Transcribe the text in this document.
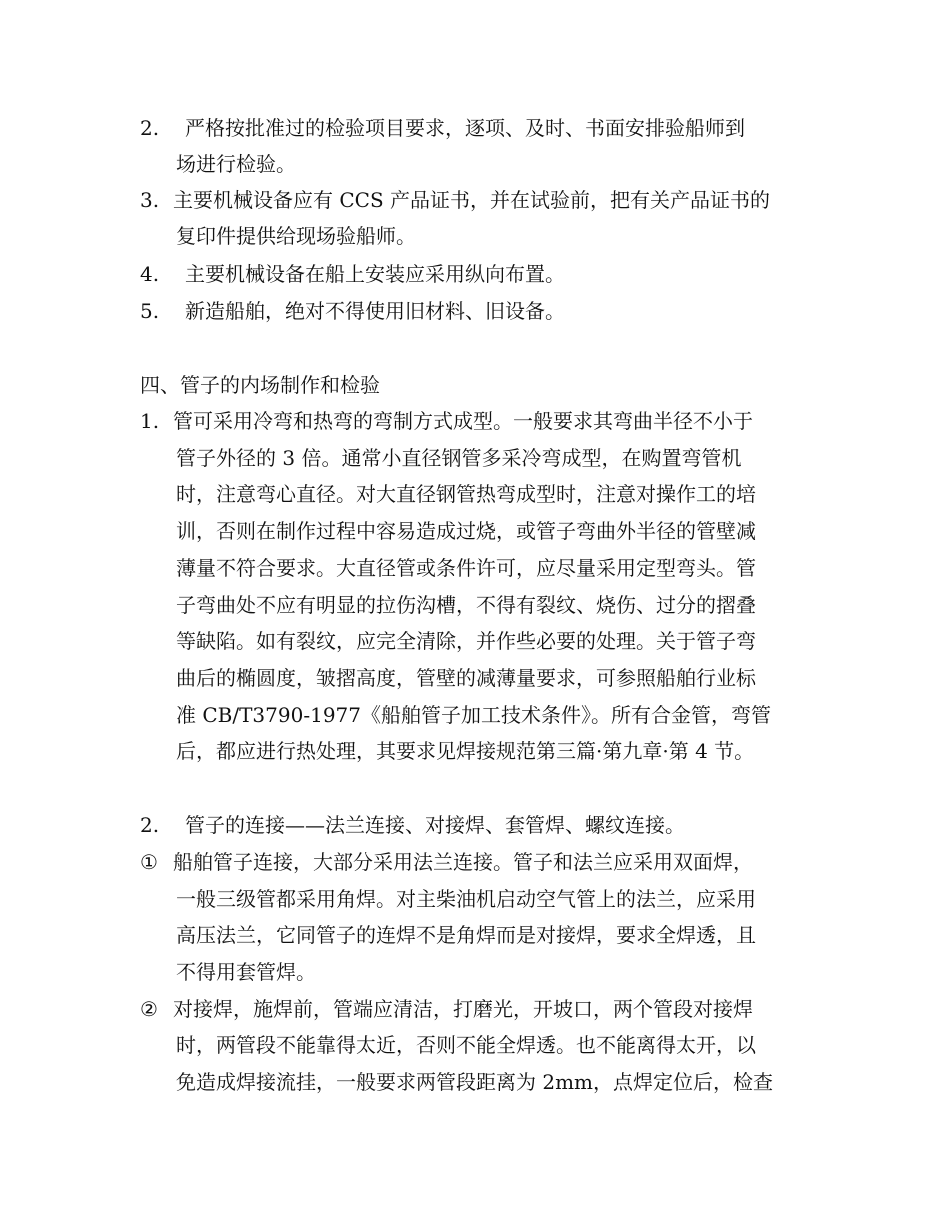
2. 严格按批准过的检验项目要求，逐项、及时、书面安排验船师到
场进行检验。
3. 主要机械设备应有 CCS 产品证书，并在试验前，把有关产品证书的
复印件提供给现场验船师。
4. 主要机械设备在船上安装应采用纵向布置。
5. 新造船舶，绝对不得使用旧材料、旧设备。
四、管子的内场制作和检验
1. 管可采用冷弯和热弯的弯制方式成型。一般要求其弯曲半径不小于
管子外径的 3 倍。通常小直径钢管多采冷弯成型，在购置弯管机
时，注意弯心直径。对大直径钢管热弯成型时，注意对操作工的培
训，否则在制作过程中容易造成过烧，或管子弯曲外半径的管壁减
薄量不符合要求。大直径管或条件许可，应尽量采用定型弯头。管
子弯曲处不应有明显的拉伤沟槽，不得有裂纹、烧伤、过分的摺叠
等缺陷。如有裂纹，应完全清除，并作些必要的处理。关于管子弯
曲后的椭圆度，皱摺高度，管壁的减薄量要求，可参照船舶行业标
准 CB/T3790-1977《船舶管子加工技术条件》。所有合金管，弯管
后，都应进行热处理，其要求见焊接规范第三篇·第九章·第 4 节。
2. 管子的连接——法兰连接、对接焊、套管焊、螺纹连接。
① 船舶管子连接，大部分采用法兰连接。管子和法兰应采用双面焊，
一般三级管都采用角焊。对主柴油机启动空气管上的法兰，应采用
高压法兰，它同管子的连焊不是角焊而是对接焊，要求全焊透，且
不得用套管焊。
② 对接焊，施焊前，管端应清洁，打磨光，开坡口，两个管段对接焊
时，两管段不能靠得太近，否则不能全焊透。也不能离得太开，以
免造成焊接流挂，一般要求两管段距离为 2mm，点焊定位后，检查
